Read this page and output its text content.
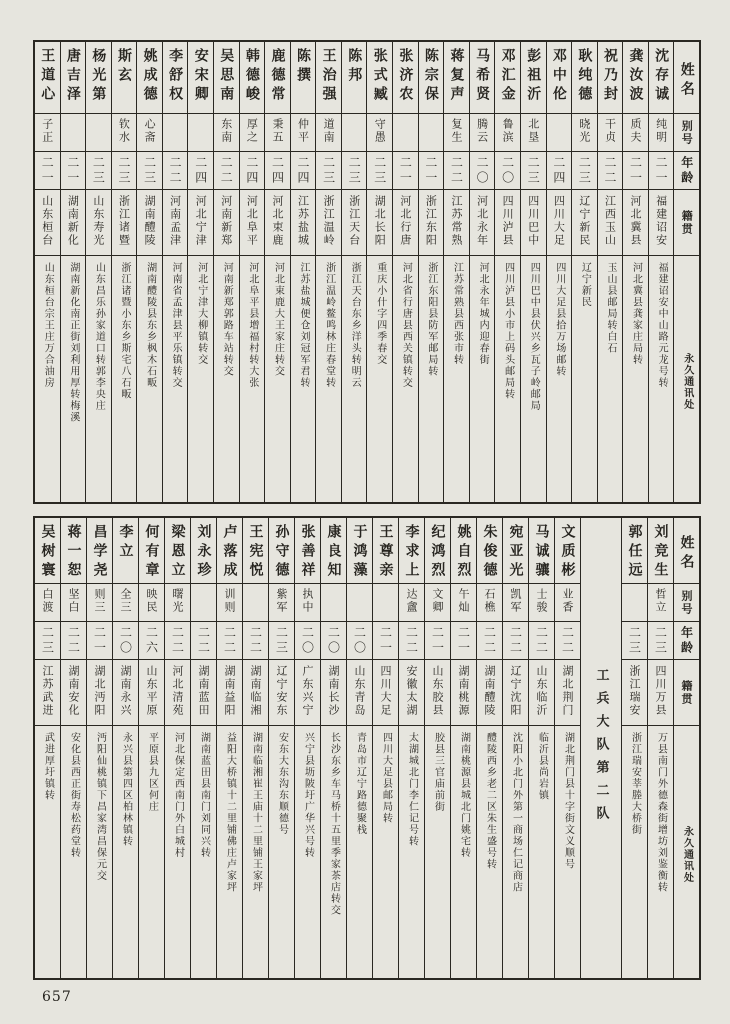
姓名
别号
年龄
籍贯
永久通讯处
沈存诚
纯明
二一
福建诏安
福建诏安中山路元龙号转
龚汝波
质夫
二一
河北冀县
河北冀县龚家庄局转
祝乃封
干贞
二二
江西玉山
玉山县邮局转白石
耿纯德
晓光
二三
辽宁新民
辽宁新民
邓中伦
二四
四川大足
四川大足县拾万场邮转
彭祖沂
北垦
二三
四川巴中
四川巴中县伏兴乡瓦子岭邮局
邓汇金
鲁滨
二〇
四川泸县
四川泸县小市上码头邮局转
马希贤
腾云
二〇
河北永年
河北永年城内迎春街
蒋复声
复生
二二
江苏常熟
江苏常熟县西张市转
陈宗保
二一
浙江东阳
浙江东阳县防军邮局转
张济农
二一
河北行唐
河北省行唐县西关镇转交
张式臧
守愚
二三
湖北长阳
重庆小什字四季春交
陈邦
二三
浙江天台
浙江天台东乡洋头转明云
王治强
道南
二三
浙江温岭
浙江温岭鳌鸣林庄春堂转
陈撰
仲平
二四
江苏盐城
江苏盐城便仓刘冠军君转
鹿德常
秉五
二四
河北束鹿
河北束鹿大王家庄转交
韩德峻
厚之
二四
河北阜平
河北阜平县增福村转大张
吴思南
东南
二二
河南新郑
河南新郑郭路车站转交
安宋卿
二四
河北宁津
河北宁津大柳镇转交
李舒权
二二
河南孟津
河南省孟津县平乐镇转交
姚成德
心斋
二三
湖南醴陵
湖南醴陵县东乡枫木石畈
斯玄
钦水
二三
浙江诸暨
浙江诸暨小东乡斯宅八石畈
杨光第
二三
山东寿光
山东昌乐孙家道口转郭李央庄
唐吉泽
二一
湖南新化
湖南新化南正街刘利用厚转梅溪
王道心
子正
二一
山东桓台
山东桓台宗王庄万合油房
姓名
别号
年龄
籍贯
永久通讯处
刘竞生
哲立
二三
四川万县
万县南门外德森街增坊刘鉴衡转
郭任远
二三
浙江瑞安
浙江瑞安莘塍大桥街
工兵大队第二队
文质彬
业香
二二
湖北荆门
湖北荆门县十字街文义顺号
马诚骧
士骏
二二
山东临沂
临沂县尚岩镇
宛亚光
凯军
二二
辽宁沈阳
沈阳小北门外第一商场仁记商店
朱俊德
石樵
二二
湖南醴陵
醴陵西乡老二区朱生盛号转
姚自烈
午灿
二一
湖南桃源
湖南桃源县城北门姚宅转
纪鸿烈
文卿
二一
山东胶县
胶县三官庙前街
李求上
达盦
二二
安徽太湖
太湖城北门李仁记号转
王尊亲
二一
四川大足
四川大足县邮局转
于鸿藻
二〇
山东青岛
青岛市辽宁路德聚栈
康良知
二〇
湖南长沙
长沙东乡车马桥十五里季家茶店转交
张善祥
执中
二〇
广东兴宁
兴宁县坜陂圩广华兴号转
孙守德
紫军
二三
辽宁安东
安东大东沟东顺德号
王宪悦
二二
湖南临湘
湖南临湘崔王庙十二里铺王家坪
卢落成
训则
二二
湖南益阳
益阳大桥镇十二里铺佛庄卢家坪
刘永珍
二二
湖南蓝田
湖南蓝田县南门刘同兴转
梁恩立
曙光
二二
河北清苑
河北保定西南门外白城村
何有章
映民
二六
山东平原
平原县九区何庄
李立
全三
二〇
湖南永兴
永兴县第四区柏林镇转
昌学尧
则三
二一
湖北沔阳
沔阳仙桃镇下昌家湾昌保元交
蒋一恕
坚白
二二
湖南安化
安化县西正街寿松药堂转
吴树寰
白渡
二三
江苏武进
武进厚圩镇转
657
